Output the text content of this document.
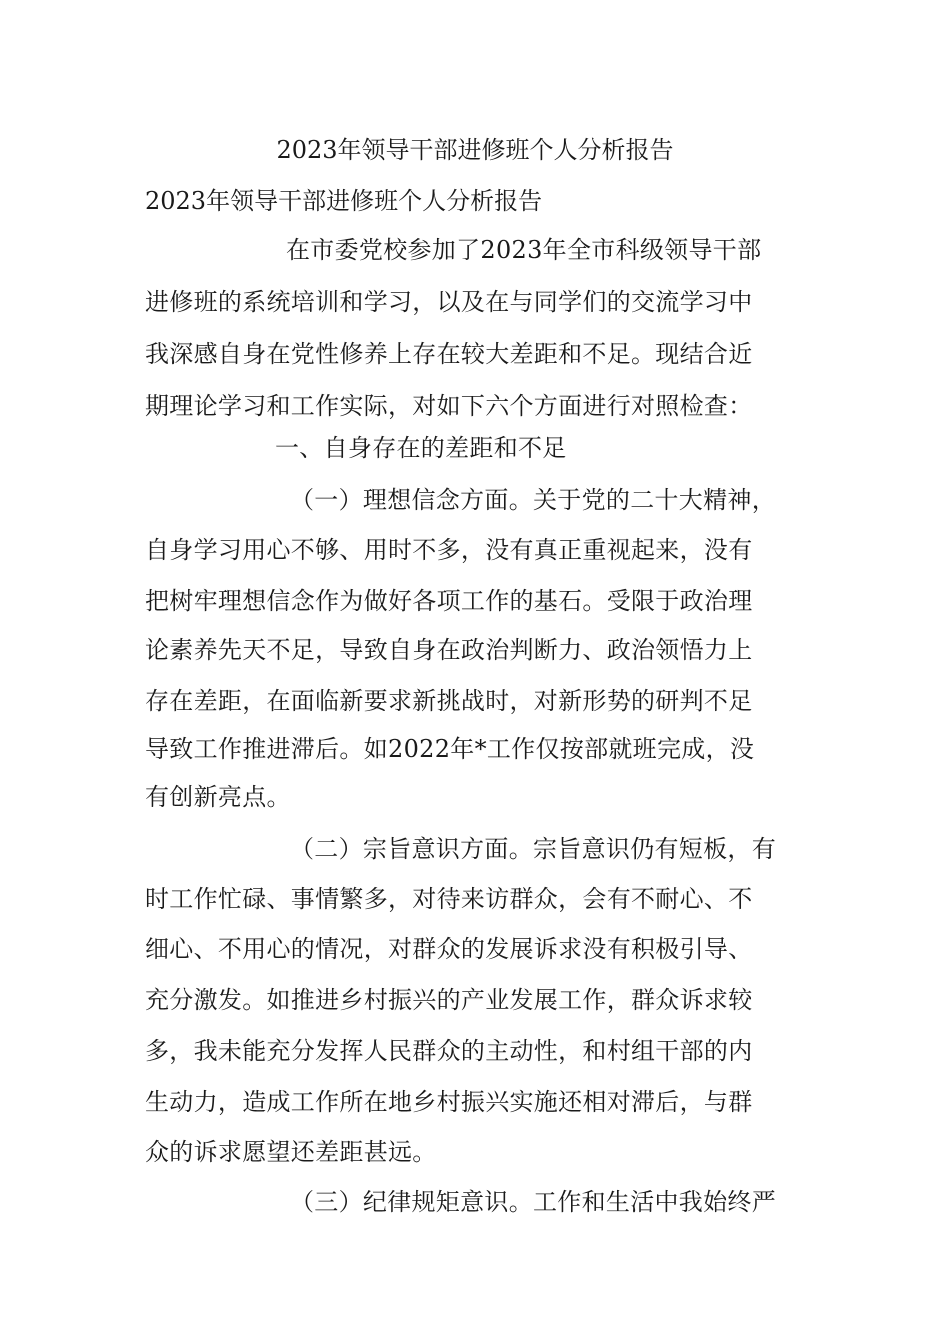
2023年领导干部进修班个人分析报告
2023年领导干部进修班个人分析报告
在市委党校参加了2023年全市科级领导干部
进修班的系统培训和学习，以及在与同学们的交流学习中
我深感自身在党性修养上存在较大差距和不足。现结合近
期理论学习和工作实际，对如下六个方面进行对照检查：
一、自身存在的差距和不足
（一）理想信念方面。关于党的二十大精神，
自身学习用心不够、用时不多，没有真正重视起来，没有
把树牢理想信念作为做好各项工作的基石。受限于政治理
论素养先天不足，导致自身在政治判断力、政治领悟力上
存在差距，在面临新要求新挑战时，对新形势的研判不足
导致工作推进滞后。如2022年*工作仅按部就班完成，没
有创新亮点。
（二）宗旨意识方面。宗旨意识仍有短板，有
时工作忙碌、事情繁多，对待来访群众，会有不耐心、不
细心、不用心的情况，对群众的发展诉求没有积极引导、
充分激发。如推进乡村振兴的产业发展工作，群众诉求较
多，我未能充分发挥人民群众的主动性，和村组干部的内
生动力，造成工作所在地乡村振兴实施还相对滞后，与群
众的诉求愿望还差距甚远。
（三）纪律规矩意识。工作和生活中我始终严
